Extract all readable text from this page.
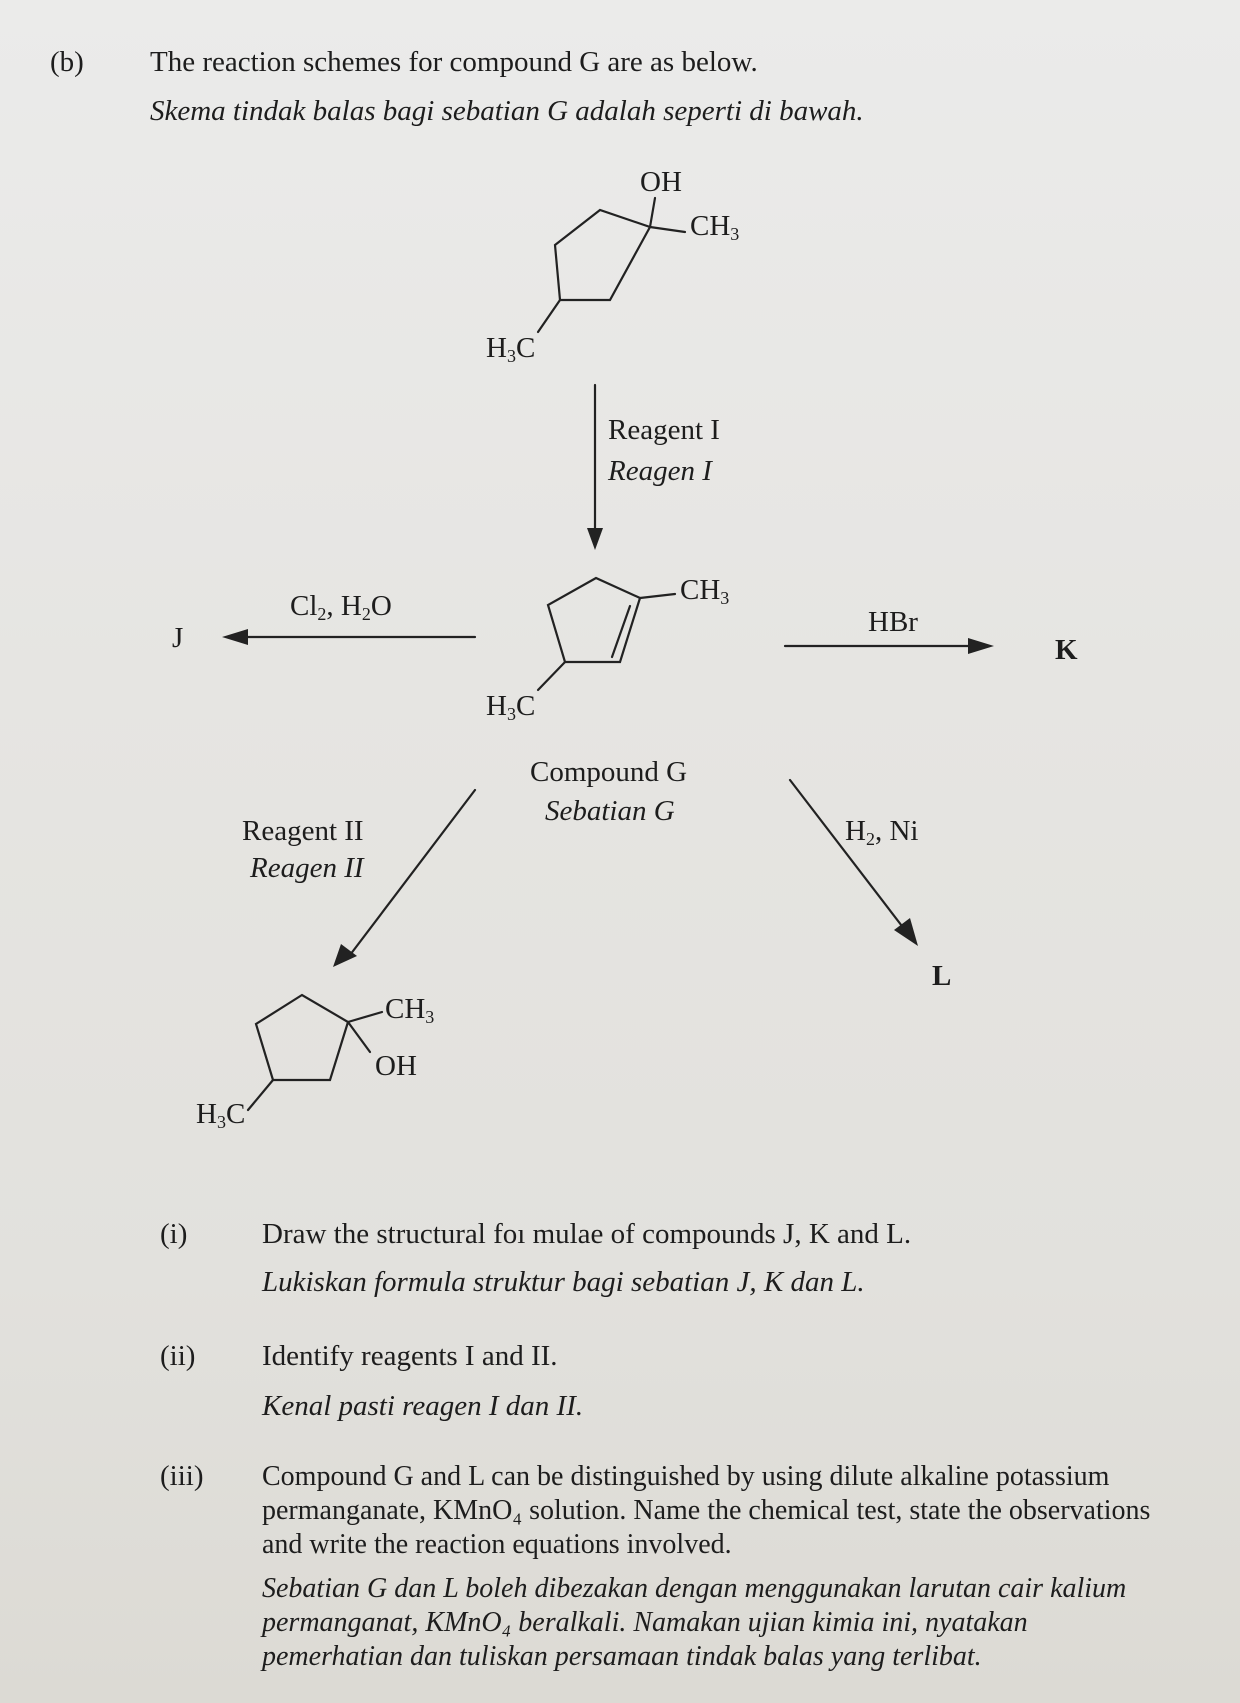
(b) The reaction schemes for compound G are as below.
Skema tindak balas bagi sebatian G adalah seperti di bawah.
OH
$CH_3$
$H_3C$
Reagent I
Reagen I
$CH_3$
$H_3C$
Compound G
Sebatian G
$Cl_2$, $H_2O$
J	HBr
K
Reagent II
Reagen II
$H_2$, Ni
L
$CH_3$
OH
$H_3C$
(i)	Draw the structural foı mulae of compounds J, K and L.
Lukiskan formula struktur bagi sebatian J, K dan L.
(ii) Identify reagents I and II.
Kenal pasti reagen I dan II.
(iii) Compound G and L can be distinguished by using dilute alkaline potassium permanganate, KMnO₄ solution. Name the chemical test, state the observations and write the reaction equations involved.
Sebatian G dan L boleh dibezakan dengan menggunakan larutan cair kalium permanganat, KMnO₄ beralkali. Namakan ujian kimia ini, nyatakan pemerhatian dan tuliskan persamaan tindak balas yang terlibat.
